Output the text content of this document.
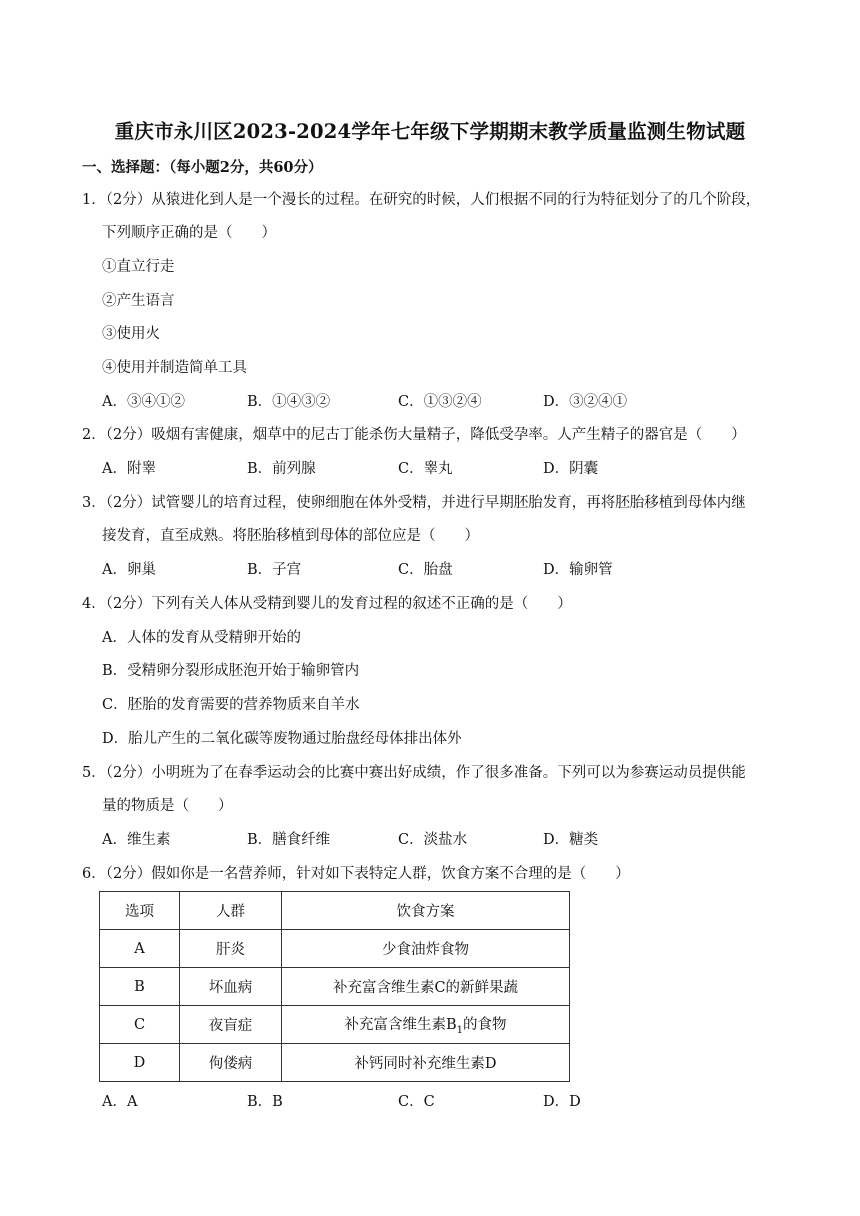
重庆市永川区2023-2024学年七年级下学期期末教学质量监测生物试题
一、选择题：（每小题2分，共60分）
1．（2分）从猿进化到人是一个漫长的过程。在研究的时候，人们根据不同的行为特征划分了的几个阶段，
下列顺序正确的是（　　）
①直立行走
②产生语言
③使用火
④使用并制造简单工具
A．③④①②	B．①④③②	C．①③②④	D．③②④①
2．（2分）吸烟有害健康，烟草中的尼古丁能杀伤大量精子，降低受孕率。人产生精子的器官是（　　）
A．附睾	B．前列腺	C．睾丸	D．阴囊
3．（2分）试管婴儿的培育过程，使卵细胞在体外受精，并进行早期胚胎发育，再将胚胎移植到母体内继
接发育，直至成熟。将胚胎移植到母体的部位应是（　　）
A．卵巢	B．子宫	C．胎盘	D．输卵管
4．（2分）下列有关人体从受精到婴儿的发育过程的叙述不正确的是（　　）
A．人体的发育从受精卵开始的
B．受精卵分裂形成胚泡开始于输卵管内
C．胚胎的发育需要的营养物质来自羊水
D．胎儿产生的二氧化碳等废物通过胎盘经母体排出体外
5．（2分）小明班为了在春季运动会的比赛中赛出好成绩，作了很多准备。下列可以为参赛运动员提供能
量的物质是（　　）
A．维生素	B．膳食纤维	C．淡盐水	D．糖类
6．（2分）假如你是一名营养师，针对如下表特定人群，饮食方案不合理的是（　　）
选项	人群	饮食方案
A	肝炎	少食油炸食物
B	坏血病	补充富含维生素C的新鲜果蔬
C	夜盲症	补充富含维生素$B_1$的食物
D	佝偻病	补钙同时补充维生素D
A．A	B．B	C．C	D．D
